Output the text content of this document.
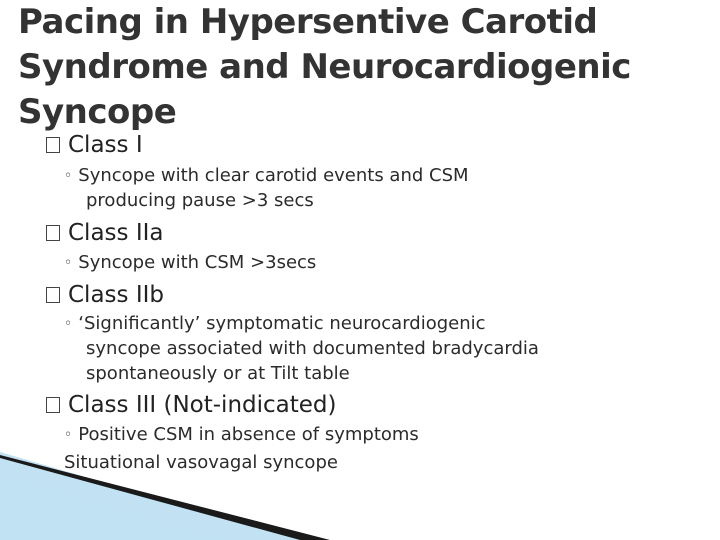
Pacing in Hypersentive Carotid
Syndrome and Neurocardiogenic
Syncope
Class I
◦ Syncope with clear carotid events and CSM
producing pause >3 secs
Class IIa
◦ Syncope with CSM >3secs
Class IIb
◦ ‘Significantly’ symptomatic neurocardiogenic
syncope associated with documented bradycardia
spontaneously or at Tilt table
Class III (Not-indicated)
◦ Positive CSM in absence of symptoms
Situational vasovagal syncope
